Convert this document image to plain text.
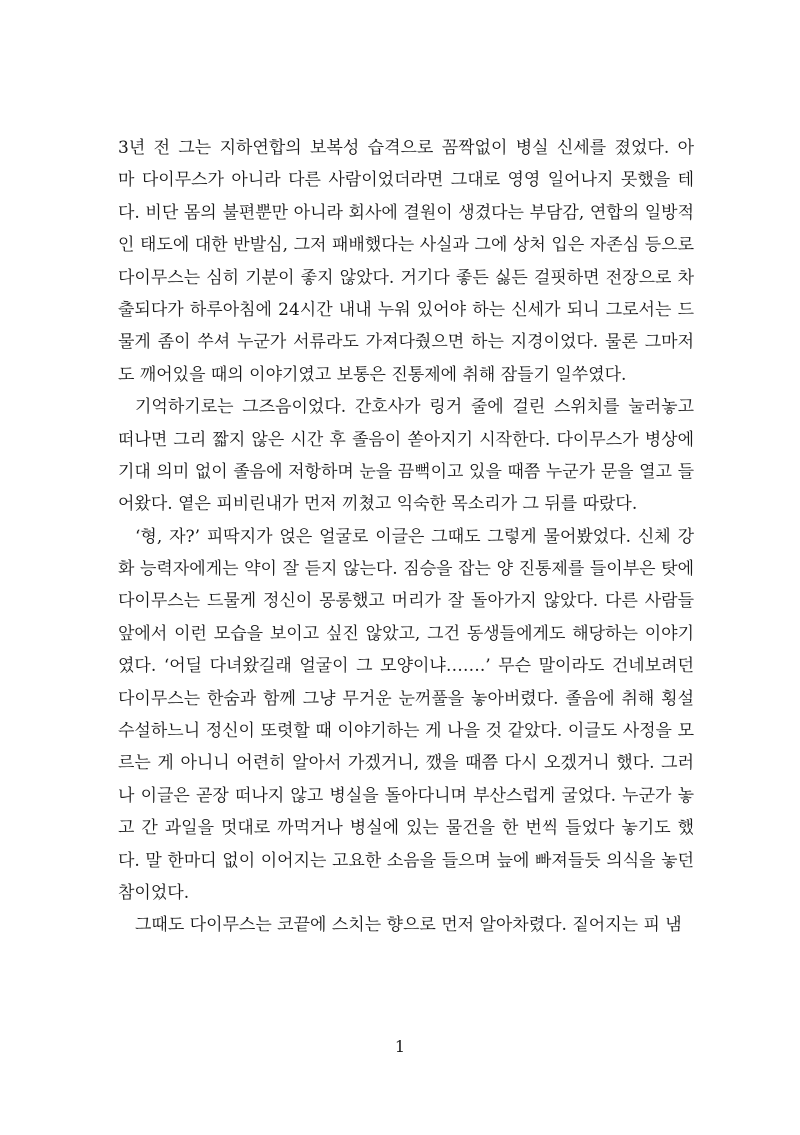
3년 전 그는 지하연합의 보복성 습격으로 꼼짝없이 병실 신세를 졌었다. 아
마 다이무스가 아니라 다른 사람이었더라면 그대로 영영 일어나지 못했을 테
다. 비단 몸의 불편뿐만 아니라 회사에 결원이 생겼다는 부담감, 연합의 일방적
인 태도에 대한 반발심, 그저 패배했다는 사실과 그에 상처 입은 자존심 등으로
다이무스는 심히 기분이 좋지 않았다. 거기다 좋든 싫든 걸핏하면 전장으로 차
출되다가 하루아침에 24시간 내내 누워 있어야 하는 신세가 되니 그로서는 드
물게 좀이 쑤셔 누군가 서류라도 가져다줬으면 하는 지경이었다. 물론 그마저
도 깨어있을 때의 이야기였고 보통은 진통제에 취해 잠들기 일쑤였다.
기억하기로는 그즈음이었다. 간호사가 링거 줄에 걸린 스위치를 눌러놓고
떠나면 그리 짧지 않은 시간 후 졸음이 쏟아지기 시작한다. 다이무스가 병상에
기대 의미 없이 졸음에 저항하며 눈을 끔뻑이고 있을 때쯤 누군가 문을 열고 들
어왔다. 옅은 피비린내가 먼저 끼쳤고 익숙한 목소리가 그 뒤를 따랐다.
‘형, 자?’ 피딱지가 얹은 얼굴로 이글은 그때도 그렇게 물어봤었다. 신체 강
화 능력자에게는 약이 잘 듣지 않는다. 짐승을 잡는 양 진통제를 들이부은 탓에
다이무스는 드물게 정신이 몽롱했고 머리가 잘 돌아가지 않았다. 다른 사람들
앞에서 이런 모습을 보이고 싶진 않았고, 그건 동생들에게도 해당하는 이야기
였다. ‘어딜 다녀왔길래 얼굴이 그 모양이냐…….’ 무슨 말이라도 건네보려던
다이무스는 한숨과 함께 그냥 무거운 눈꺼풀을 놓아버렸다. 졸음에 취해 횡설
수설하느니 정신이 또렷할 때 이야기하는 게 나을 것 같았다. 이글도 사정을 모
르는 게 아니니 어련히 알아서 가겠거니, 깼을 때쯤 다시 오겠거니 했다. 그러
나 이글은 곧장 떠나지 않고 병실을 돌아다니며 부산스럽게 굴었다. 누군가 놓
고 간 과일을 멋대로 까먹거나 병실에 있는 물건을 한 번씩 들었다 놓기도 했
다. 말 한마디 없이 이어지는 고요한 소음을 들으며 늪에 빠져들듯 의식을 놓던
참이었다.
그때도 다이무스는 코끝에 스치는 향으로 먼저 알아차렸다. 짙어지는 피 냄
1
